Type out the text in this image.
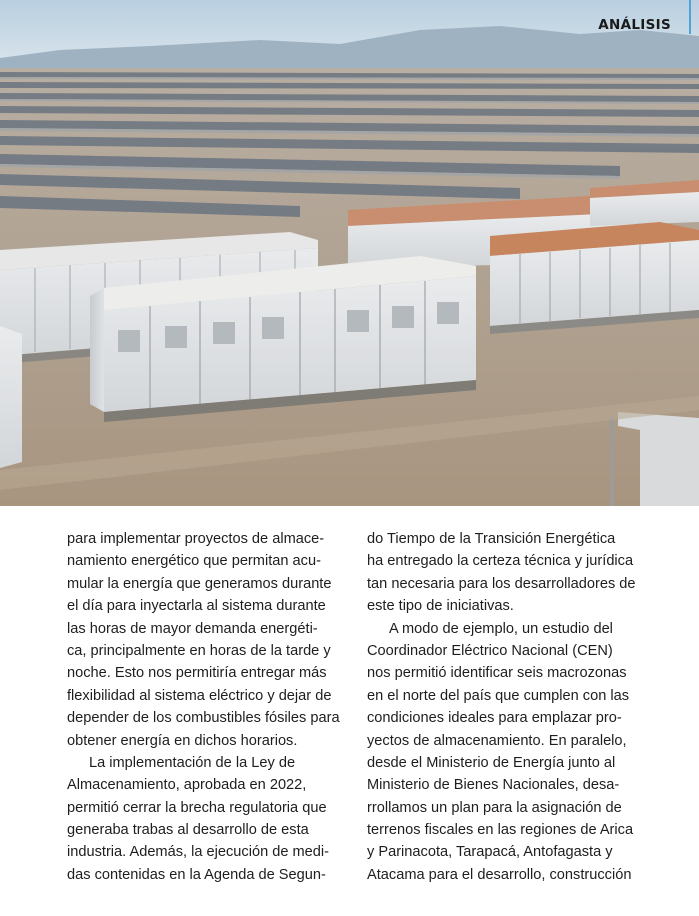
ANÁLISIS
para implementar proyectos de almace-
namiento energético que permitan acu-
mular la energía que generamos durante
el día para inyectarla al sistema durante
las horas de mayor demanda energéti-
ca, principalmente en horas de la tarde y
noche. Esto nos permitiría entregar más
flexibilidad al sistema eléctrico y dejar de
depender de los combustibles fósiles para
obtener energía en dichos horarios.
La implementación de la Ley de
Almacenamiento, aprobada en 2022,
permitió cerrar la brecha regulatoria que
generaba trabas al desarrollo de esta
industria. Además, la ejecución de medi-
das contenidas en la Agenda de Segun-
do Tiempo de la Transición Energética
ha entregado la certeza técnica y jurídica
tan necesaria para los desarrolladores de
este tipo de iniciativas.
A modo de ejemplo, un estudio del
Coordinador Eléctrico Nacional (CEN)
nos permitió identificar seis macrozonas
en el norte del país que cumplen con las
condiciones ideales para emplazar pro-
yectos de almacenamiento. En paralelo,
desde el Ministerio de Energía junto al
Ministerio de Bienes Nacionales, desa-
rrollamos un plan para la asignación de
terrenos fiscales en las regiones de Arica
y Parinacota, Tarapacá, Antofagasta y
Atacama para el desarrollo, construcción
